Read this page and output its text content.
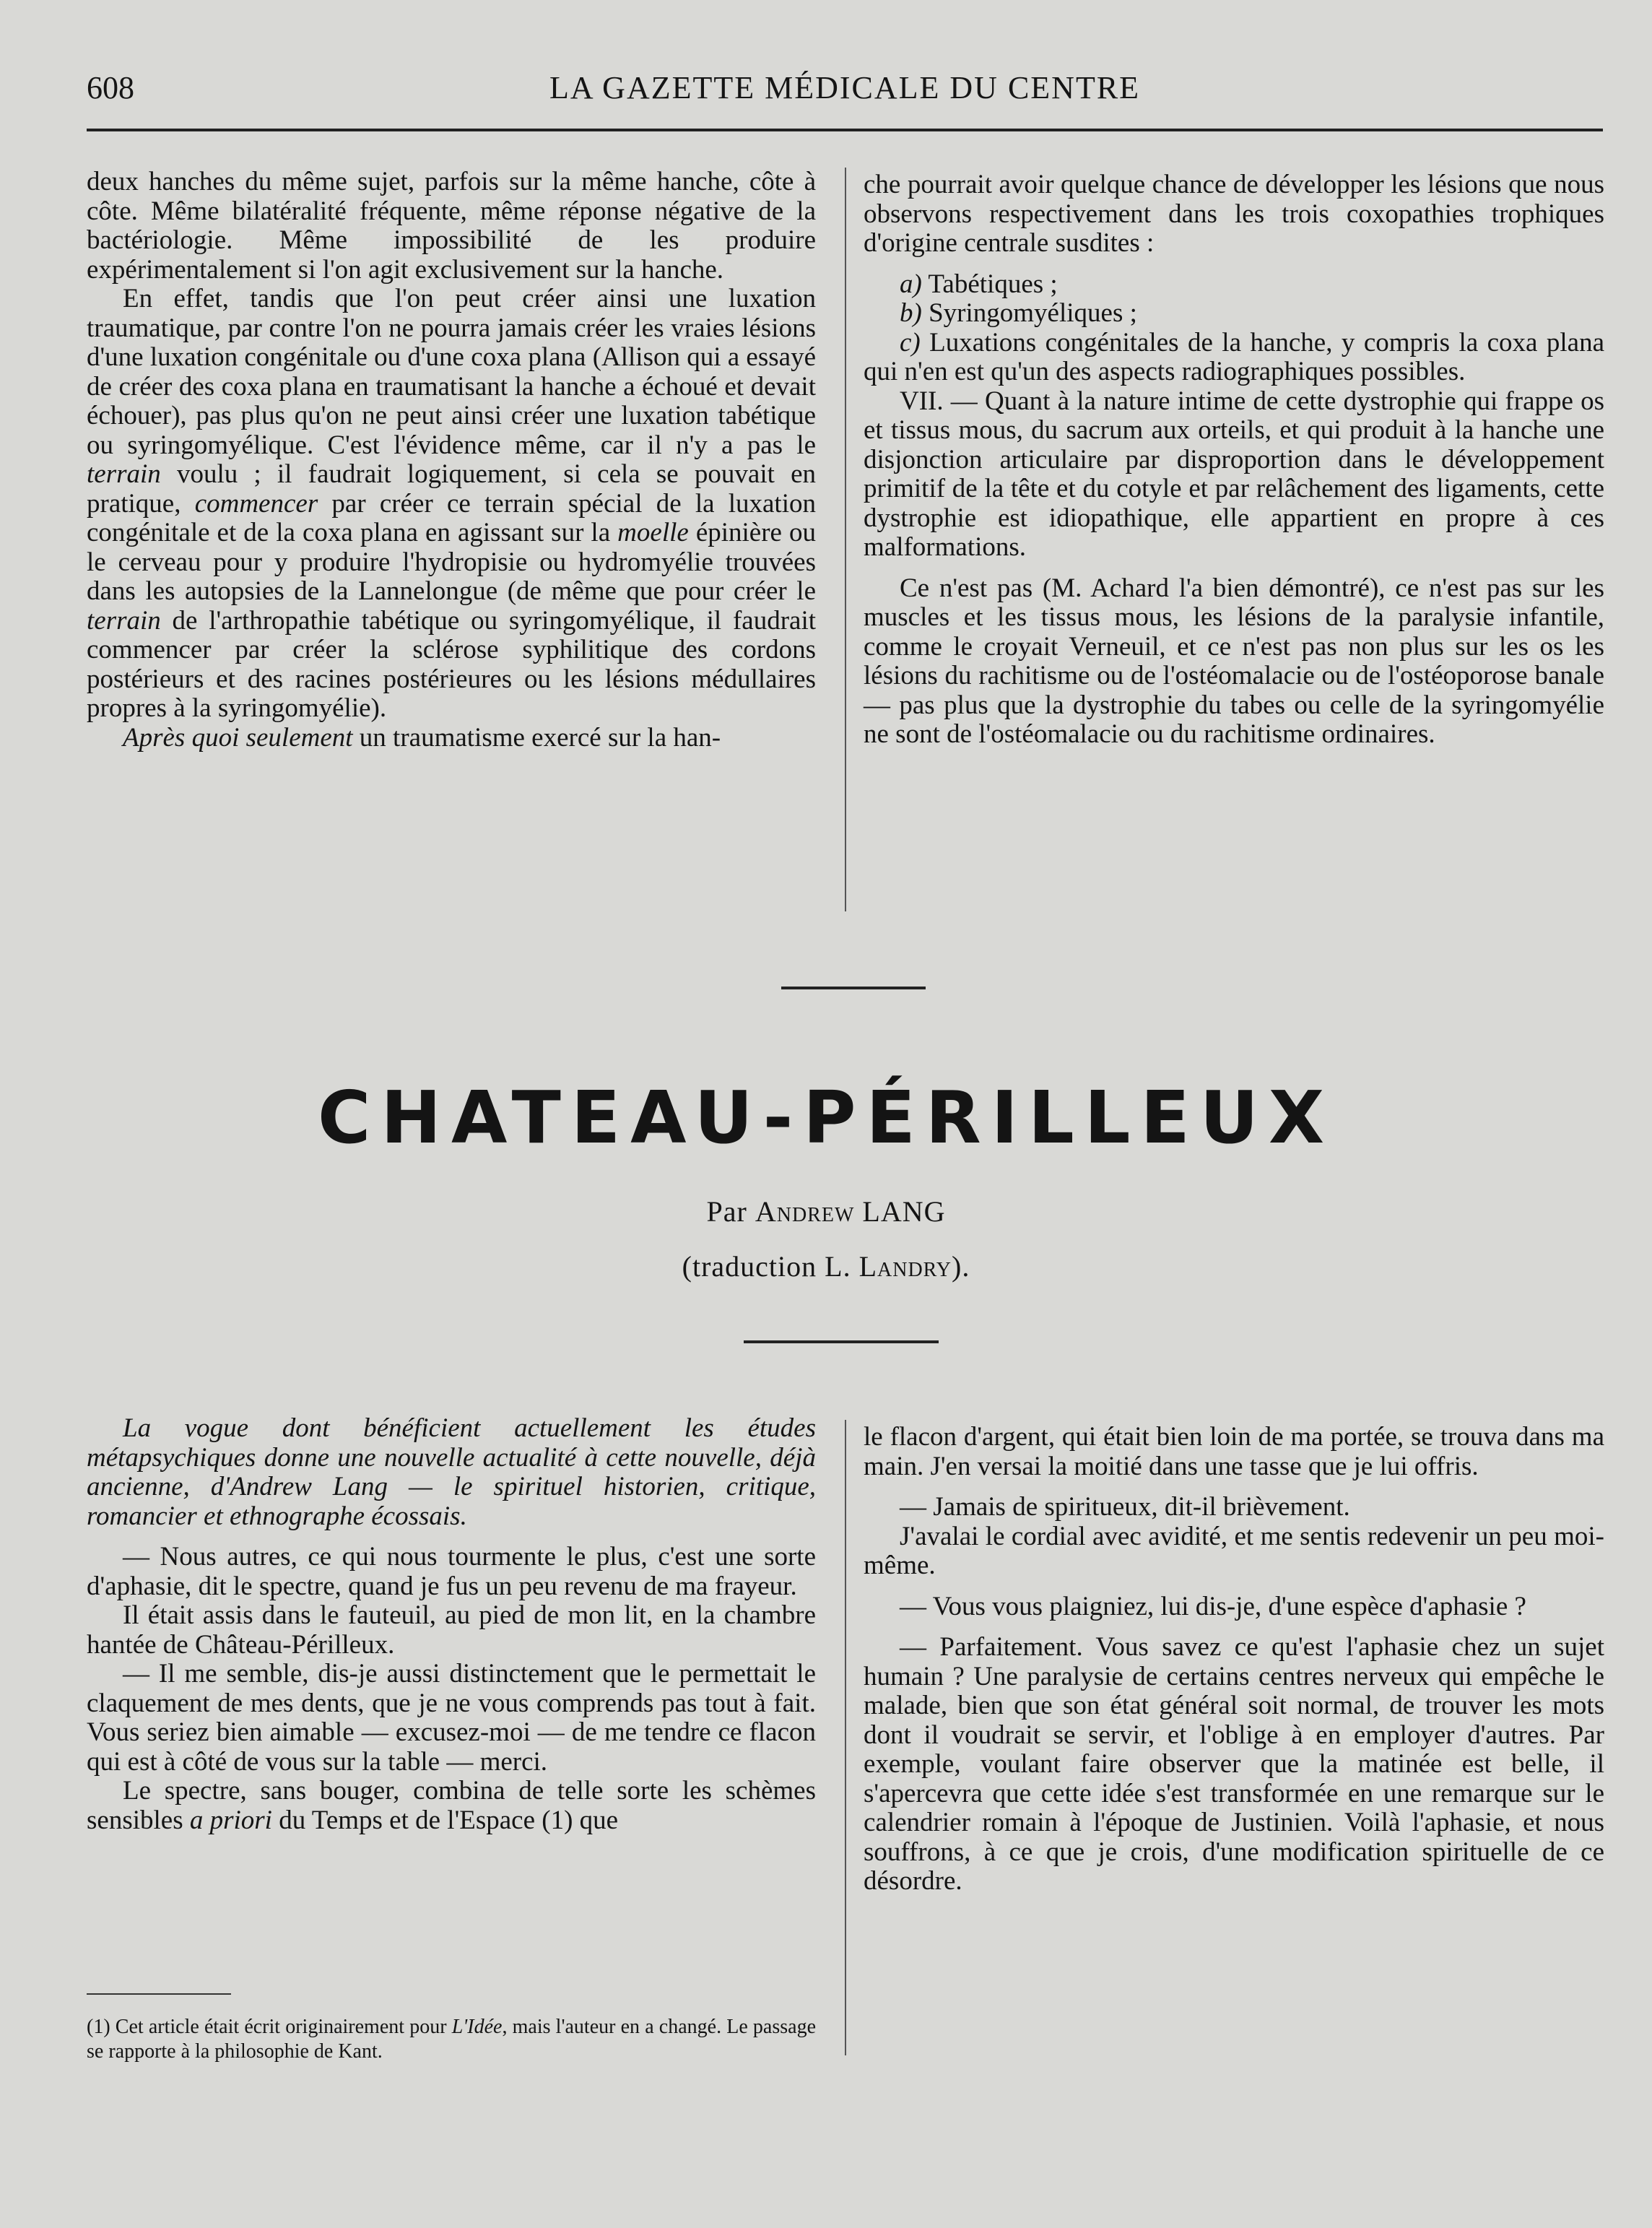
608	LA GAZETTE MÉDICALE DU CENTRE

deux hanches du même sujet, parfois sur la même hanche, côte à côte. Même bilatéralité fréquente, même réponse négative de la bactériologie. Même impossibilité de les produire expérimentalement si l'on agit exclusivement sur la hanche.

En effet, tandis que l'on peut créer ainsi une luxation traumatique, par contre l'on ne pourra jamais créer les vraies lésions d'une luxation congénitale ou d'une coxa plana (Allison qui a essayé de créer des coxa plana en traumatisant la hanche a échoué et devait échouer), pas plus qu'on ne peut ainsi créer une luxation tabétique ou syringomyélique. C'est l'évidence même, car il n'y a pas le terrain voulu ; il faudrait logiquement, si cela se pouvait en pratique, commencer par créer ce terrain spécial de la luxation congénitale et de la coxa plana en agissant sur la moelle épinière ou le cerveau pour y produire l'hydropisie ou hydromyélie trouvées dans les autopsies de la Lannelongue (de même que pour créer le terrain de l'arthropathie tabétique ou syringomyélique, il faudrait commencer par créer la sclérose syphilitique des cordons postérieurs et des racines postérieures ou les lésions médullaires propres à la syringomyélie).

Après quoi seulement un traumatisme exercé sur la han-

che pourrait avoir quelque chance de développer les lésions que nous observons respectivement dans les trois coxopathies trophiques d'origine centrale susdites :

a) Tabétiques ;

b) Syringomyéliques ;

c) Luxations congénitales de la hanche, y compris la coxa plana qui n'en est qu'un des aspects radiographiques possibles.

VII. — Quant à la nature intime de cette dystrophie qui frappe os et tissus mous, du sacrum aux orteils, et qui produit à la hanche une disjonction articulaire par disproportion dans le développement primitif de la tête et du cotyle et par relâchement des ligaments, cette dystrophie est idiopathique, elle appartient en propre à ces malformations.

Ce n'est pas (M. Achard l'a bien démontré), ce n'est pas sur les muscles et les tissus mous, les lésions de la paralysie infantile, comme le croyait Verneuil, et ce n'est pas non plus sur les os les lésions du rachitisme ou de l'ostéomalacie ou de l'ostéoporose banale — pas plus que la dystrophie du tabes ou celle de la syringomyélie ne sont de l'ostéomalacie ou du rachitisme ordinaires.

CHATEAU-PÉRILLEUX
Par Andrew LANG
(traduction L. Landry).

La vogue dont bénéficient actuellement les études métapsychiques donne une nouvelle actualité à cette nouvelle, déjà ancienne, d'Andrew Lang — le spirituel historien, critique, romancier et ethnographe écossais.

— Nous autres, ce qui nous tourmente le plus, c'est une sorte d'aphasie, dit le spectre, quand je fus un peu revenu de ma frayeur.

Il était assis dans le fauteuil, au pied de mon lit, en la chambre hantée de Château-Périlleux.

— Il me semble, dis-je aussi distinctement que le permettait le claquement de mes dents, que je ne vous comprends pas tout à fait. Vous seriez bien aimable — excusez-moi — de me tendre ce flacon qui est à côté de vous sur la table — merci.

Le spectre, sans bouger, combina de telle sorte les schèmes sensibles a priori du Temps et de l'Espace (1) que

le flacon d'argent, qui était bien loin de ma portée, se trouva dans ma main. J'en versai la moitié dans une tasse que je lui offris.

— Jamais de spiritueux, dit-il brièvement.

J'avalai le cordial avec avidité, et me sentis redevenir un peu moi-même.

— Vous vous plaigniez, lui dis-je, d'une espèce d'aphasie ?

— Parfaitement. Vous savez ce qu'est l'aphasie chez un sujet humain ? Une paralysie de certains centres nerveux qui empêche le malade, bien que son état général soit normal, de trouver les mots dont il voudrait se servir, et l'oblige à en employer d'autres. Par exemple, voulant faire observer que la matinée est belle, il s'apercevra que cette idée s'est transformée en une remarque sur le calendrier romain à l'époque de Justinien. Voilà l'aphasie, et nous souffrons, à ce que je crois, d'une modification spirituelle de ce désordre.

(1) Cet article était écrit originairement pour L'Idée, mais l'auteur en a changé. Le passage se rapporte à la philosophie de Kant.
